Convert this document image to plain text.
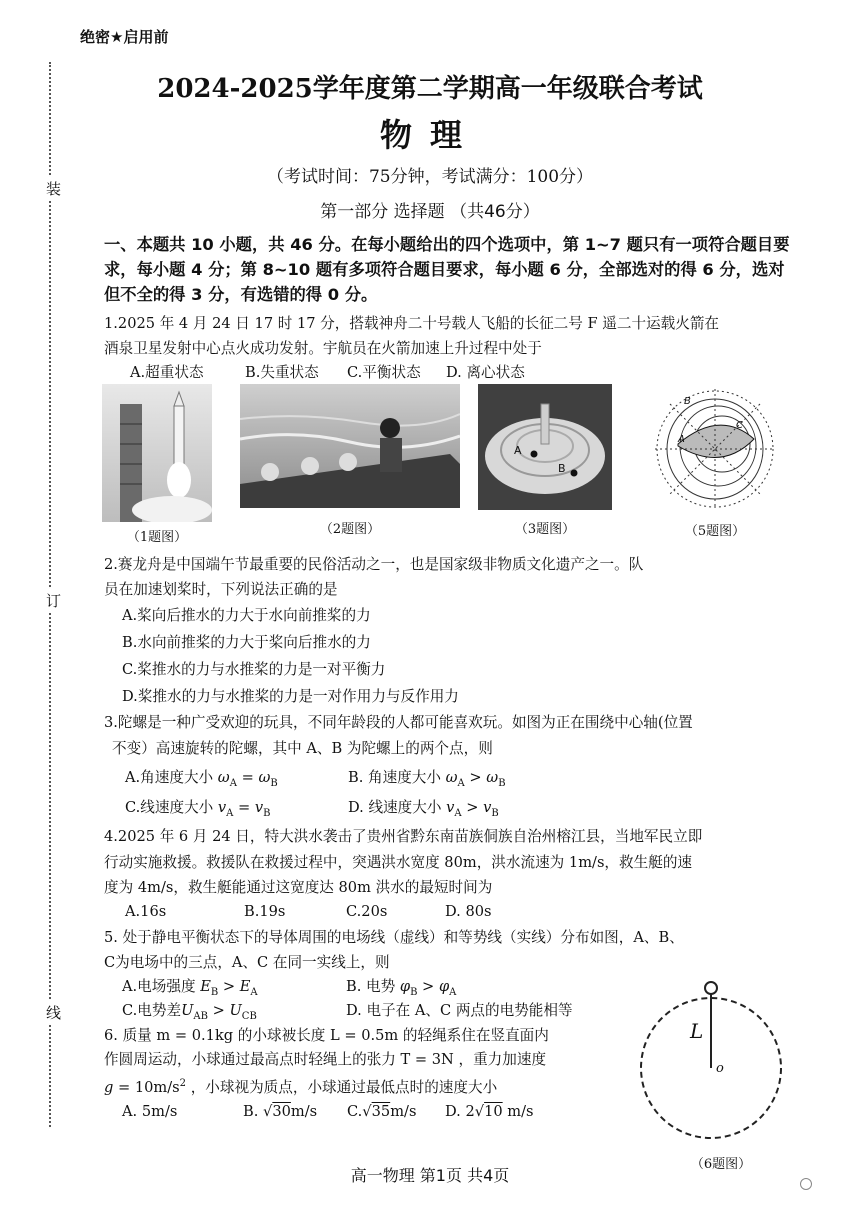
绝密★启用前
装
订
线
2024-2025学年度第二学期高一年级联合考试
物理
（考试时间：75分钟，考试满分：100分）
第一部分 选择题 （共46分）
一、本题共 10 小题，共 46 分。在每小题给出的四个选项中，第 1~7 题只有一项符合题目要求，每小题 4 分；第 8~10 题有多项符合题目要求，每小题 6 分，全部选对的得 6 分，选对但不全的得 3 分，有选错的得 0 分。
1.2025 年 4 月 24 日 17 时 17 分，搭载神舟二十号载人飞船的长征二号 F 遥二十运载火箭在
酒泉卫星发射中心点火成功发射。宇航员在火箭加速上升过程中处于
A.超重状态	B.失重状态 C.平衡状态 D. 离心状态
（1题图）
（2题图）
A
B
（3题图）
B
A
C
（5题图）
2.赛龙舟是中国端午节最重要的民俗活动之一，也是国家级非物质文化遗产之一。队
员在加速划桨时，下列说法正确的是
A.桨向后推水的力大于水向前推桨的力
B.水向前推桨的力大于桨向后推水的力
C.桨推水的力与水推桨的力是一对平衡力
D.桨推水的力与水推桨的力是一对作用力与反作用力
3.陀螺是一种广受欢迎的玩具，不同年龄段的人都可能喜欢玩。如图为正在围绕中心轴(位置
不变）高速旋转的陀螺，其中 A、B 为陀螺上的两个点，则
A.角速度大小 $\omega_A = \omega_B$	B. 角速度大小 $\omega_A > \omega_B$
C.线速度大小 $v_A = v_B$	D. 线速度大小 $v_A > v_B$
4.2025 年 6 月 24 日，特大洪水袭击了贵州省黔东南苗族侗族自治州榕江县，当地军民立即
行动实施救援。救援队在救援过程中，突遇洪水宽度 80m，洪水流速为 1m/s，救生艇的速
度为 4m/s，救生艇能通过这宽度达 80m 洪水的最短时间为
A.16s	B.19s	C.20s	D. 80s
5. 处于静电平衡状态下的导体周围的电场线（虚线）和等势线（实线）分布如图，A、B、
C为电场中的三点，A、C 在同一实线上，则
A.电场强度 $E_B > E_A$	B. 电势 $\varphi_B > \varphi_A$
C.电势差$U_{AB} > U_{CB}$	D. 电子在 A、C 两点的电势能相等
L
o
（6题图）
6. 质量 m = 0.1kg 的小球被长度 L = 0.5m 的轻绳系住在竖直面内
作圆周运动，小球通过最高点时轻绳上的张力 T = 3N ，重力加速度
$g = 10m/s^2$ ，小球视为质点，小球通过最低点时的速度大小
A. 5m/s	B. √30m/s C.√35m/s D. 2√10 m/s
高一物理 第1页 共4页
